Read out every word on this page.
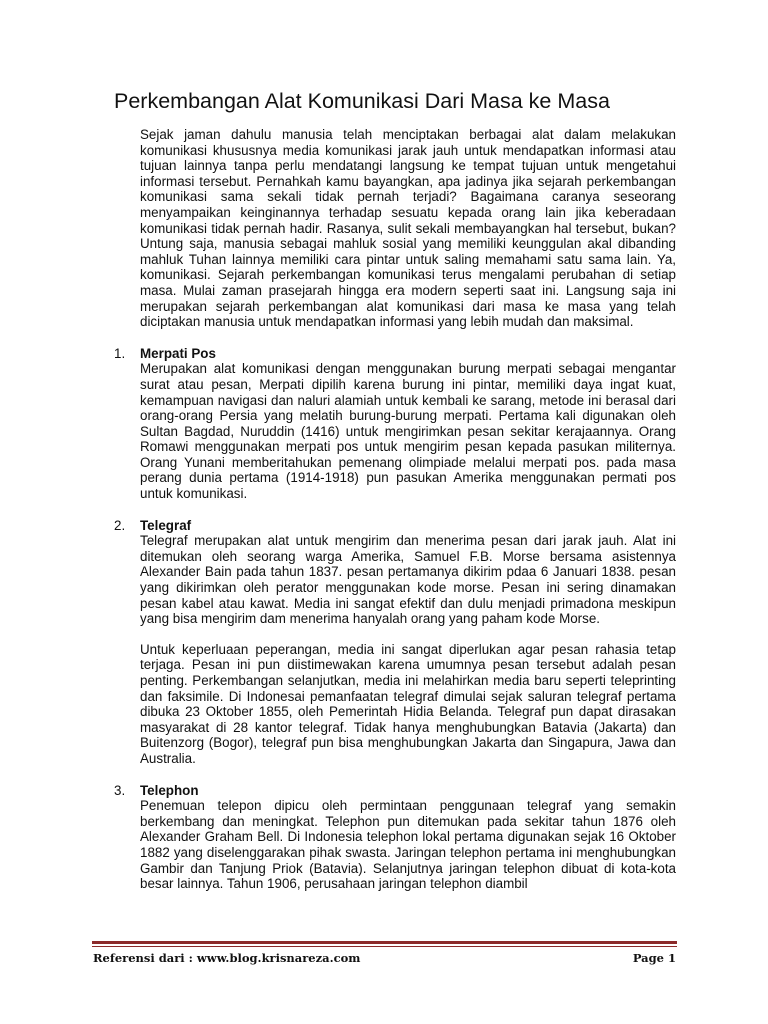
Perkembangan Alat Komunikasi Dari Masa ke Masa

Sejak jaman dahulu manusia telah menciptakan berbagai alat dalam melakukan komunikasi khususnya media komunikasi jarak jauh untuk mendapatkan informasi atau tujuan lainnya tanpa perlu mendatangi langsung ke tempat tujuan untuk mengetahui informasi tersebut. Pernahkah kamu bayangkan, apa jadinya jika sejarah perkembangan komunikasi sama sekali tidak pernah terjadi? Bagaimana caranya seseorang menyampaikan keinginannya terhadap sesuatu kepada orang lain jika keberadaan komunikasi tidak pernah hadir. Rasanya, sulit sekali membayangkan hal tersebut, bukan? Untung saja, manusia sebagai mahluk sosial yang memiliki keunggulan akal dibanding mahluk Tuhan lainnya memiliki cara pintar untuk saling memahami satu sama lain. Ya, komunikasi. Sejarah perkembangan komunikasi terus mengalami perubahan di setiap masa. Mulai zaman prasejarah hingga era modern seperti saat ini. Langsung saja ini merupakan sejarah perkembangan alat komunikasi dari masa ke masa yang telah diciptakan manusia untuk mendapatkan informasi yang lebih mudah dan maksimal.

1.	Merpati Pos

Merupakan alat komunikasi dengan menggunakan burung merpati sebagai mengantar surat atau pesan, Merpati dipilih karena burung ini pintar, memiliki daya ingat kuat, kemampuan navigasi dan naluri alamiah untuk kembali ke sarang, metode ini berasal dari orang-orang Persia yang melatih burung-burung merpati. Pertama kali digunakan oleh Sultan Bagdad, Nuruddin (1416) untuk mengirimkan pesan sekitar kerajaannya. Orang Romawi menggunakan merpati pos untuk mengirim pesan kepada pasukan militernya. Orang Yunani memberitahukan pemenang olimpiade melalui merpati pos. pada masa perang dunia pertama (1914-1918) pun pasukan Amerika menggunakan permati pos untuk komunikasi.

2.	Telegraf

Telegraf merupakan alat untuk mengirim dan menerima pesan dari jarak jauh. Alat ini ditemukan oleh seorang warga Amerika, Samuel F.B. Morse bersama asistennya Alexander Bain pada tahun 1837. pesan pertamanya dikirim pdaa 6 Januari 1838. pesan yang dikirimkan oleh perator menggunakan kode morse. Pesan ini sering dinamakan pesan kabel atau kawat. Media ini sangat efektif dan dulu menjadi primadona meskipun yang bisa mengirim dam menerima hanyalah orang yang paham kode Morse.

Untuk keperluaan peperangan, media ini sangat diperlukan agar pesan rahasia tetap terjaga. Pesan ini pun diistimewakan karena umumnya pesan tersebut adalah pesan penting. Perkembangan selanjutkan, media ini melahirkan media baru seperti teleprinting dan faksimile. Di Indonesai pemanfaatan telegraf dimulai sejak saluran telegraf pertama dibuka 23 Oktober 1855, oleh Pemerintah Hidia Belanda. Telegraf pun dapat dirasakan masyarakat di 28 kantor telegraf. Tidak hanya menghubungkan Batavia (Jakarta) dan Buitenzorg (Bogor), telegraf pun bisa menghubungkan Jakarta dan Singapura, Jawa dan Australia.

3.	Telephon

Penemuan telepon dipicu oleh permintaan penggunaan telegraf yang semakin berkembang dan meningkat. Telephon pun ditemukan pada sekitar tahun 1876 oleh Alexander Graham Bell. Di Indonesia telephon lokal pertama digunakan sejak 16 Oktober 1882 yang diselenggarakan pihak swasta. Jaringan telephon pertama ini menghubungkan Gambir dan Tanjung Priok (Batavia). Selanjutnya jaringan telephon dibuat di kota-kota besar lainnya. Tahun 1906, perusahaan jaringan telephon diambil

Referensi dari : www.blog.krisnareza.com	Page 1
